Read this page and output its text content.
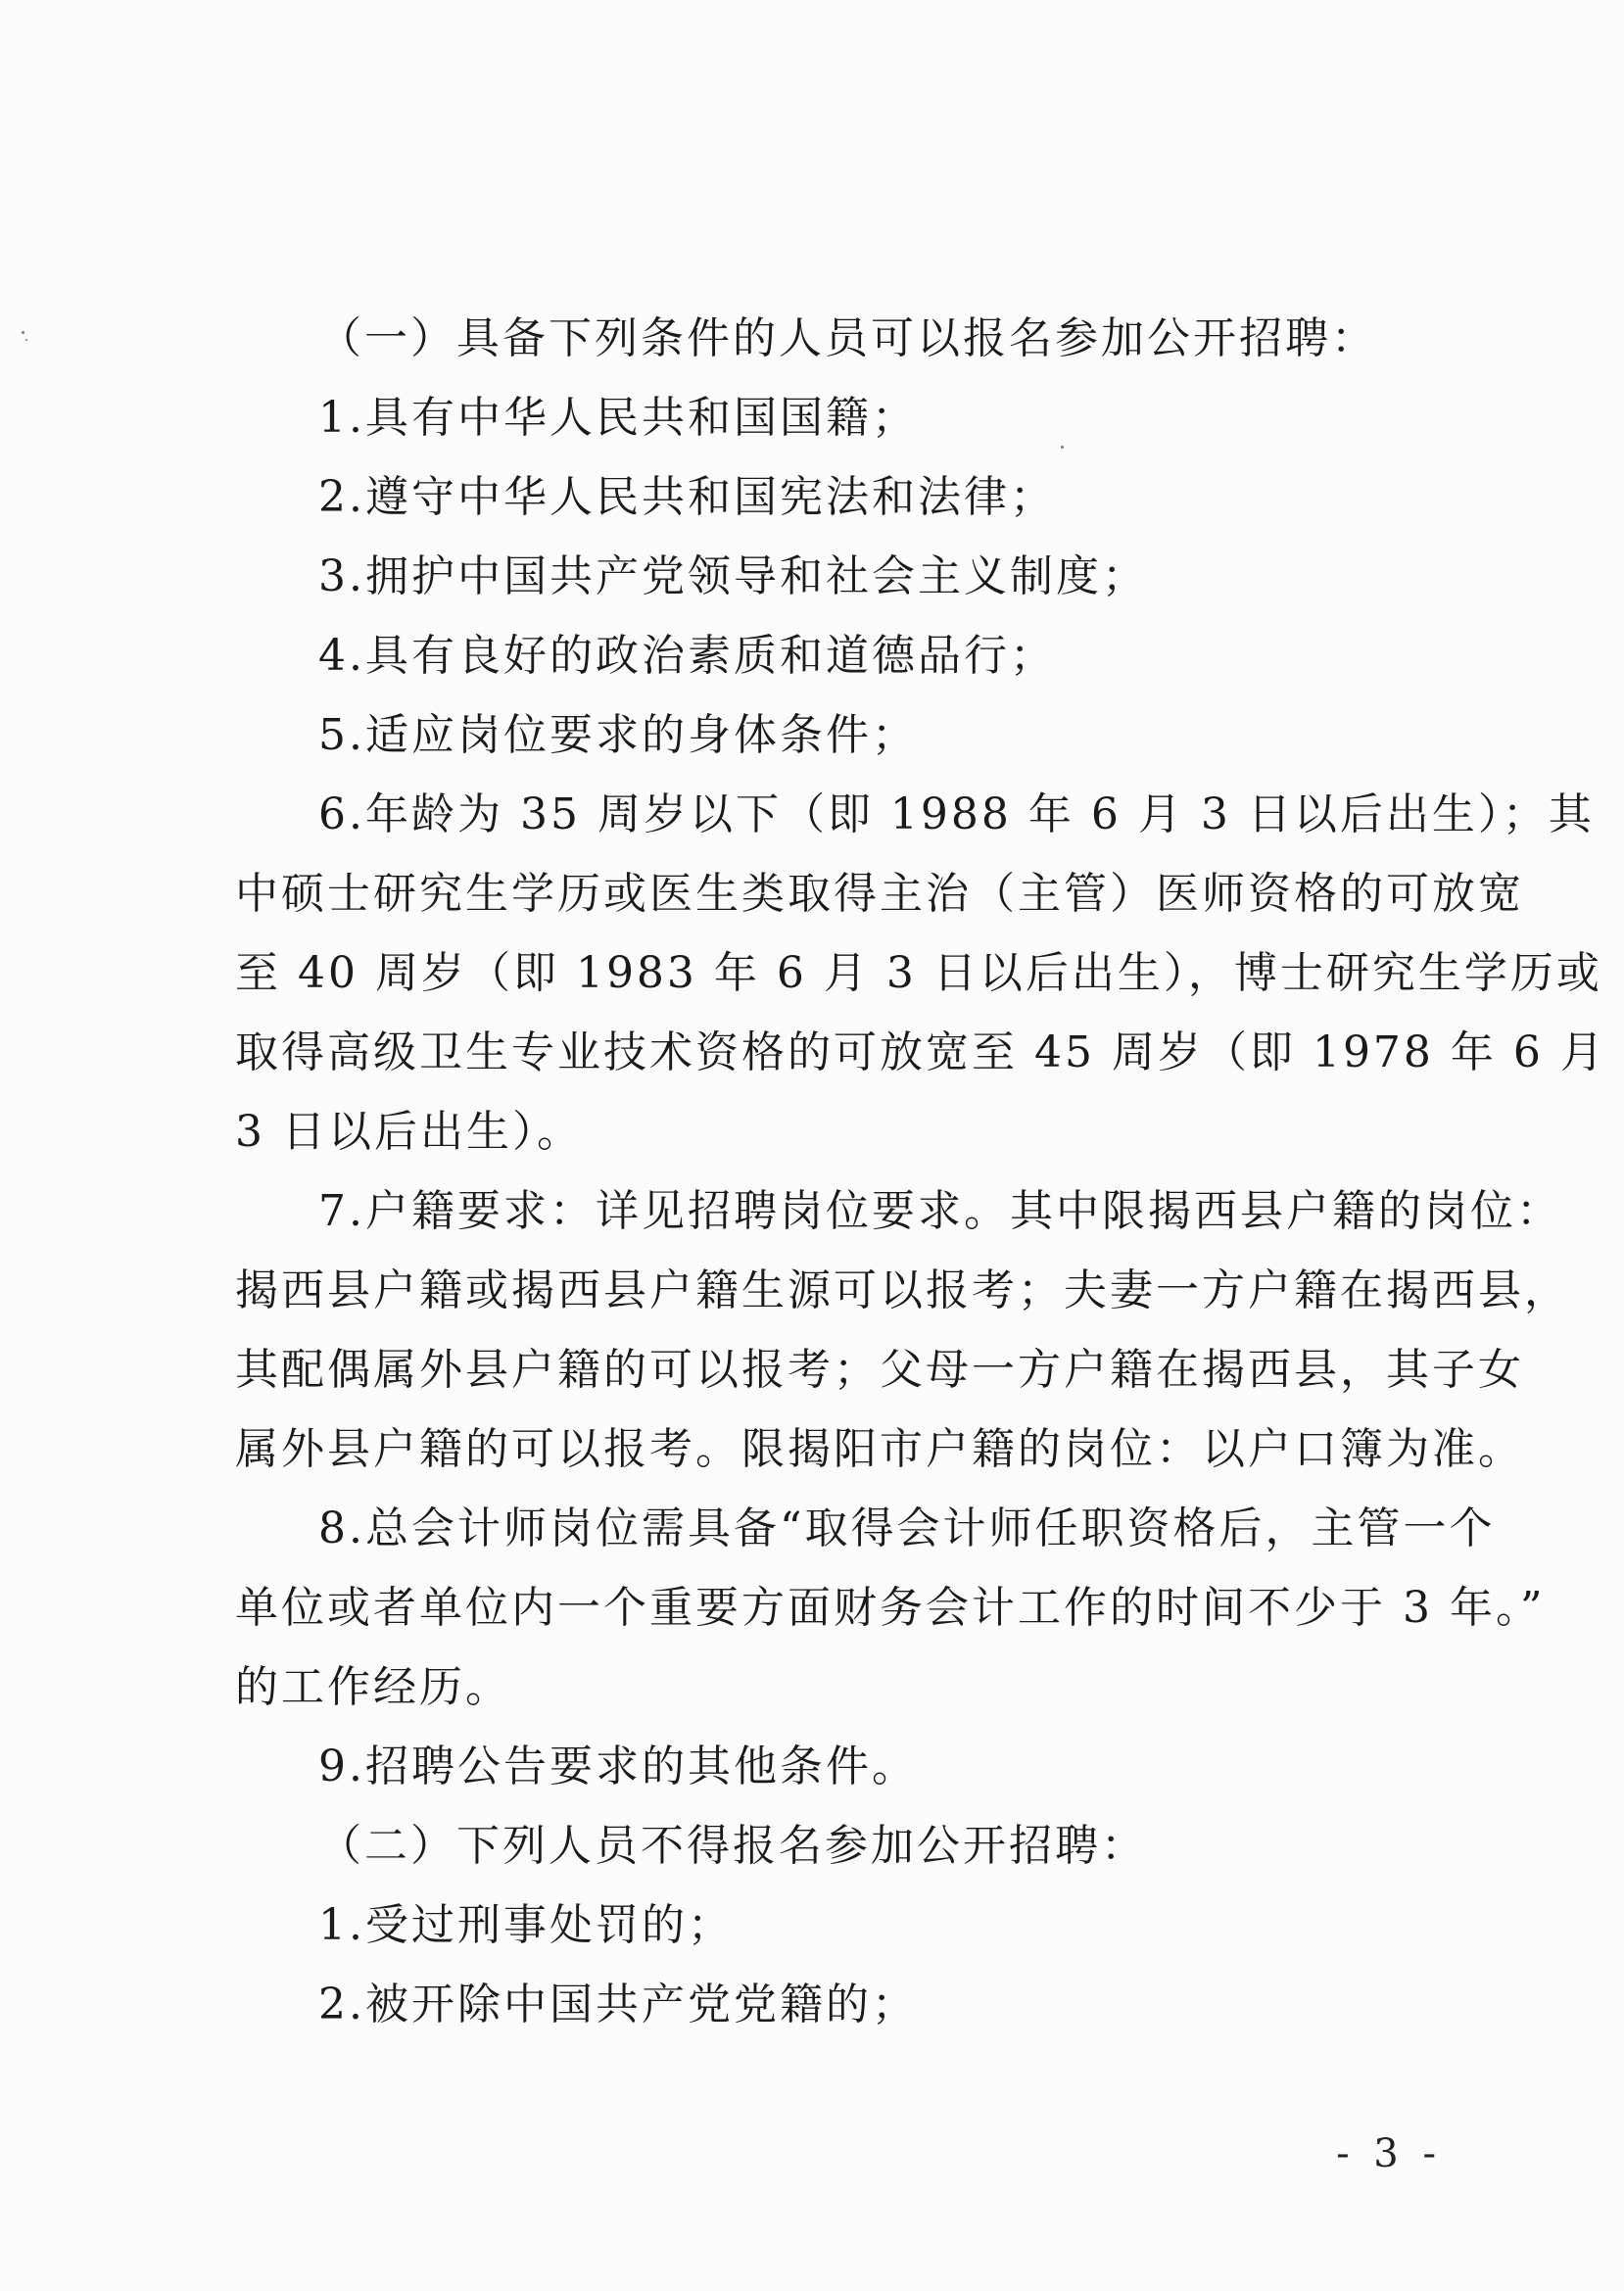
（一）具备下列条件的人员可以报名参加公开招聘：
1.具有中华人民共和国国籍；
2.遵守中华人民共和国宪法和法律；
3.拥护中国共产党领导和社会主义制度；
4.具有良好的政治素质和道德品行；
5.适应岗位要求的身体条件；
6.年龄为 35 周岁以下（即 1988 年 6 月 3 日以后出生）；其
中硕士研究生学历或医生类取得主治（主管）医师资格的可放宽
至 40 周岁（即 1983 年 6 月 3 日以后出生），博士研究生学历或
取得高级卫生专业技术资格的可放宽至 45 周岁（即 1978 年 6 月
3 日以后出生）。
7.户籍要求：详见招聘岗位要求。其中限揭西县户籍的岗位：
揭西县户籍或揭西县户籍生源可以报考；夫妻一方户籍在揭西县，
其配偶属外县户籍的可以报考；父母一方户籍在揭西县，其子女
属外县户籍的可以报考。限揭阳市户籍的岗位：以户口簿为准。
8.总会计师岗位需具备“取得会计师任职资格后，主管一个
单位或者单位内一个重要方面财务会计工作的时间不少于 3 年。”
的工作经历。
9.招聘公告要求的其他条件。
（二）下列人员不得报名参加公开招聘：
1.受过刑事处罚的；
2.被开除中国共产党党籍的；
- 3 -
